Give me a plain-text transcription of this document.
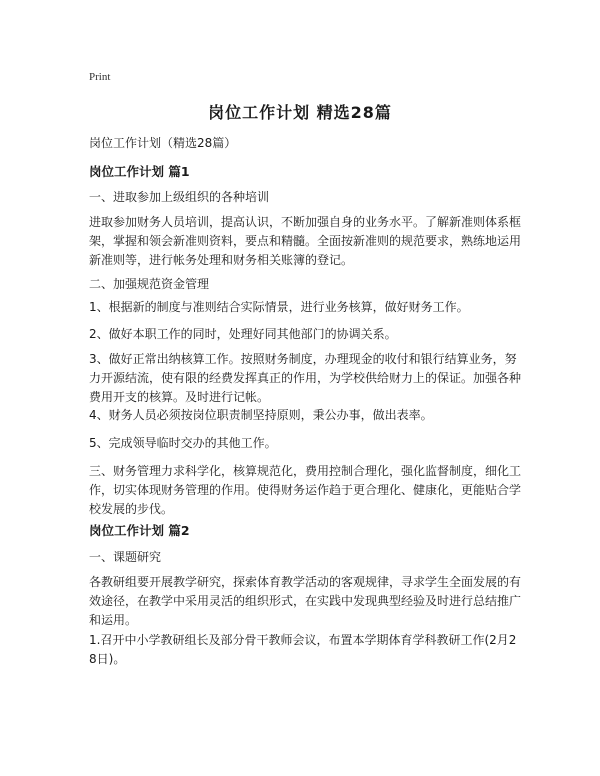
Print
岗位工作计划 精选28篇
岗位工作计划（精选28篇）
岗位工作计划 篇1
一、进取参加上级组织的各种培训
进取参加财务人员培训，提高认识，不断加强自身的业务水平。了解新准则体系框架，掌握和领会新准则资料，要点和精髓。全面按新准则的规范要求，熟练地运用新准则等，进行帐务处理和财务相关账簿的登记。
二、加强规范资金管理
1、根据新的制度与准则结合实际情景，进行业务核算，做好财务工作。
2、做好本职工作的同时，处理好同其他部门的协调关系。
3、做好正常出纳核算工作。按照财务制度，办理现金的收付和银行结算业务，努力开源结流，使有限的经费发挥真正的作用，为学校供给财力上的保证。加强各种费用开支的核算。及时进行记帐。
4、财务人员必须按岗位职责制坚持原则，秉公办事，做出表率。
5、完成领导临时交办的其他工作。
三、财务管理力求科学化，核算规范化，费用控制合理化，强化监督制度，细化工作，切实体现财务管理的作用。使得财务运作趋于更合理化、健康化，更能贴合学校发展的步伐。
岗位工作计划 篇2
一、课题研究
各教研组要开展教学研究，探索体育教学活动的客观规律，寻求学生全面发展的有效途径，在教学中采用灵活的组织形式，在实践中发现典型经验及时进行总结推广和运用。
1.召开中小学教研组长及部分骨干教师会议，布置本学期体育学科教研工作(2月28日)。
